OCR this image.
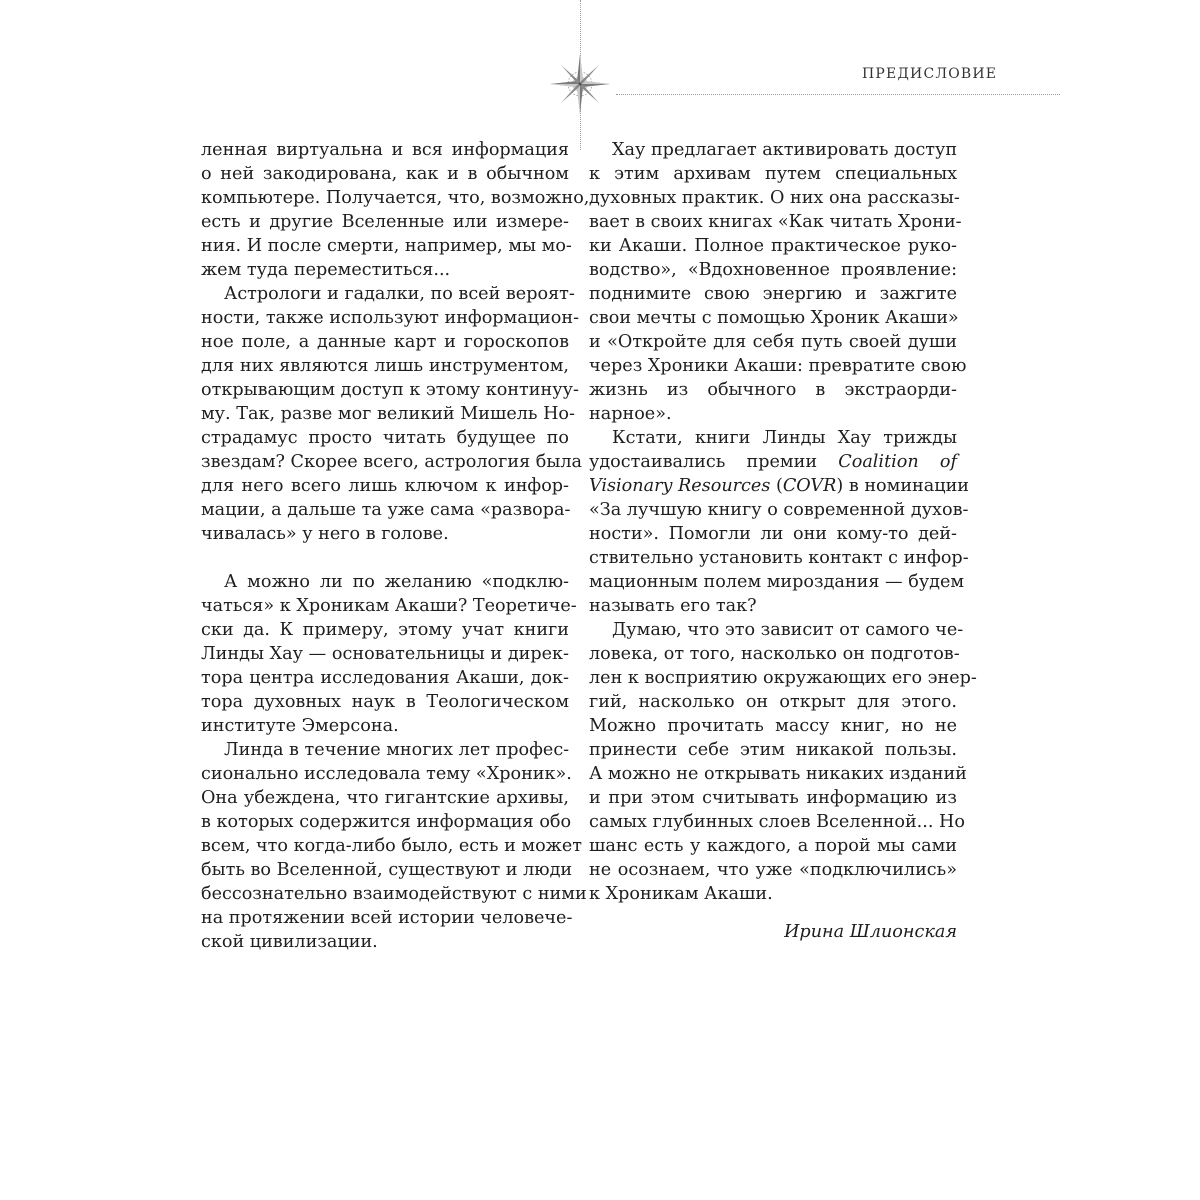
ПРЕДИСЛОВИЕ
ленная виртуальна и вся информация
о ней закодирована, как и в обычном
компьютере. Получается, что, возможно,
есть и другие Вселенные или измере-
ния. И после смерти, например, мы мо-
жем туда переместиться...
Астрологи и гадалки, по всей вероят-
ности, также используют информацион-
ное поле, а данные карт и гороскопов
для них являются лишь инструментом,
открывающим доступ к этому континуу-
му. Так, разве мог великий Мишель Но-
страдамус просто читать будущее по
звездам? Скорее всего, астрология была
для него всего лишь ключом к инфор-
мации, а дальше та уже сама «развора-
чивалась» у него в голове.
А можно ли по желанию «подклю-
чаться» к Хроникам Акаши? Теоретиче-
ски да. К примеру, этому учат книги
Линды Хау — основательницы и дирек-
тора центра исследования Акаши, док-
тора духовных наук в Теологическом
институте Эмерсона.
Линда в течение многих лет профес-
сионально исследовала тему «Хроник».
Она убеждена, что гигантские архивы,
в которых содержится информация обо
всем, что когда-либо было, есть и может
быть во Вселенной, существуют и люди
бессознательно взаимодействуют с ними
на протяжении всей истории человече-
ской цивилизации.
Хау предлагает активировать доступ
к этим архивам путем специальных
духовных практик. О них она рассказы-
вает в своих книгах «Как читать Хрони-
ки Акаши. Полное практическое руко-
водство», «Вдохновенное проявление:
поднимите свою энергию и зажгите
свои мечты с помощью Хроник Акаши»
и «Откройте для себя путь своей души
через Хроники Акаши: превратите свою
жизнь из обычного в экстраорди-
нарное».
Кстати, книги Линды Хау трижды
удостаивались премии Coalition of
Visionary Resources (COVR) в номинации
«За лучшую книгу о современной духов-
ности». Помогли ли они кому-то дей-
ствительно установить контакт с инфор-
мационным полем мироздания — будем
называть его так?
Думаю, что это зависит от самого че-
ловека, от того, насколько он подготов-
лен к восприятию окружающих его энер-
гий, насколько он открыт для этого.
Можно прочитать массу книг, но не
принести себе этим никакой пользы.
А можно не открывать никаких изданий
и при этом считывать информацию из
самых глубинных слоев Вселенной... Но
шанс есть у каждого, а порой мы сами
не осознаем, что уже «подключились»
к Хроникам Акаши.
Ирина Шлионская
